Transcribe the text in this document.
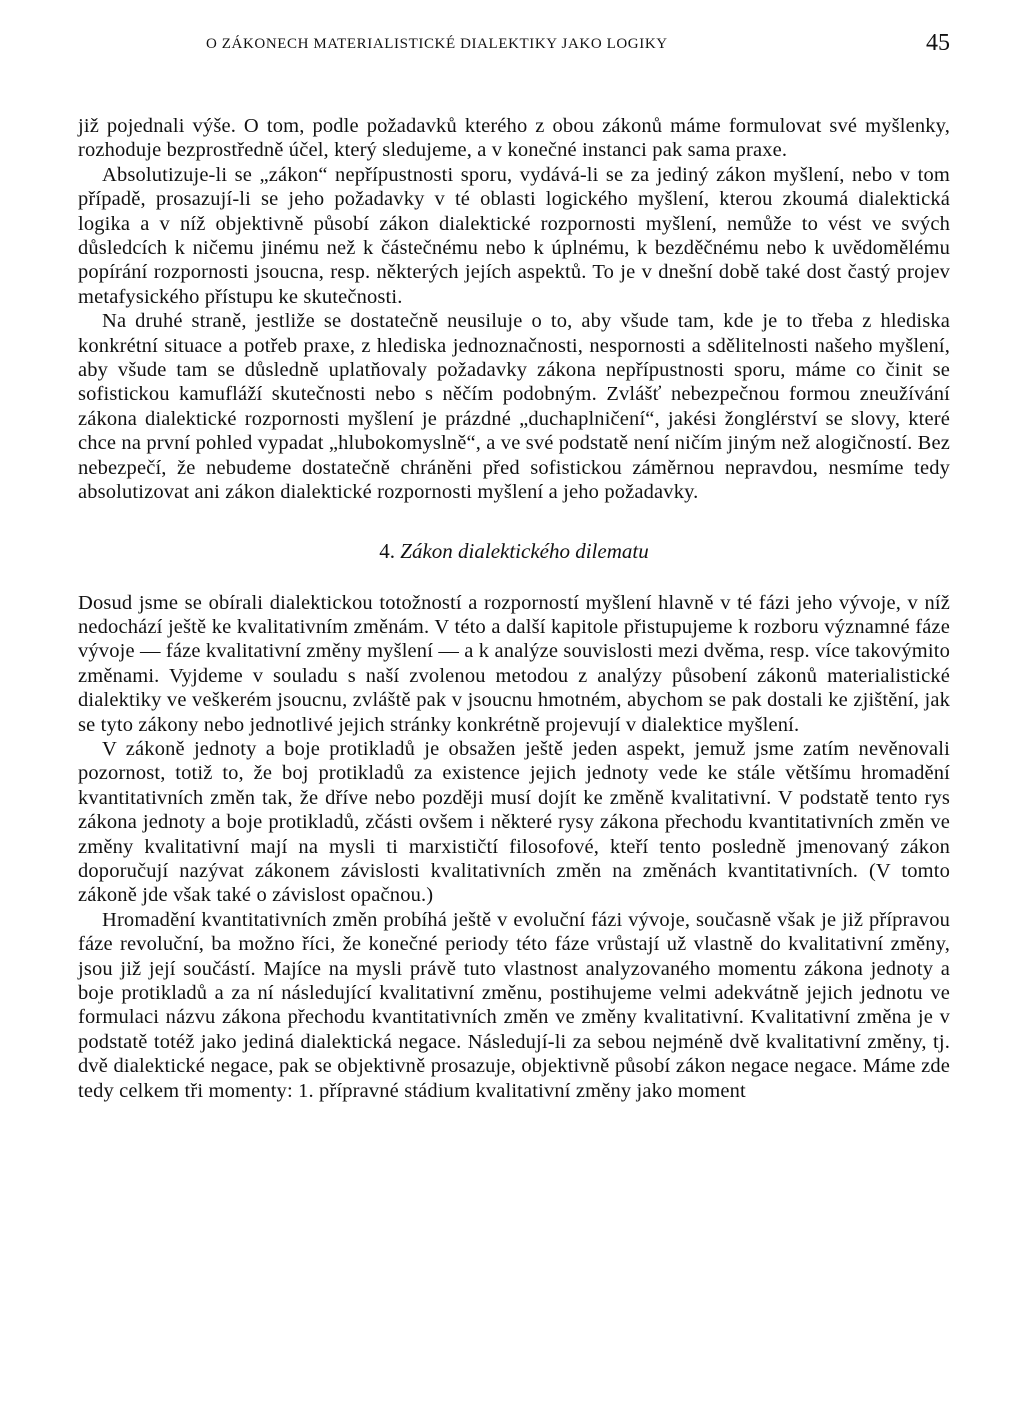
O ZÁKONECH MATERIALISTICKÉ DIALEKTIKY JAKO LOGIKY	45

již pojednali výše. O tom, podle požadavků kterého z obou zákonů máme formulovat své myšlenky, rozhoduje bezprostředně účel, který sledujeme, a v konečné instanci pak sama praxe.

Absolutizuje-li se „zákon“ nepřípustnosti sporu, vydává-li se za jediný zákon myšlení, nebo v tom případě, prosazují-li se jeho požadavky v té oblasti logického myšlení, kterou zkoumá dialektická logika a v níž objektivně působí zákon dialektické rozpornosti myšlení, nemůže to vést ve svých důsledcích k ničemu jinému než k částečnému nebo k úplnému, k bezděčnému nebo k uvědomělému popírání rozpornosti jsoucna, resp. některých jejích aspektů. To je v dnešní době také dost častý projev metafysického přístupu ke skutečnosti.

Na druhé straně, jestliže se dostatečně neusiluje o to, aby všude tam, kde je to třeba z hlediska konkrétní situace a potřeb praxe, z hlediska jednoznačnosti, nespornosti a sdělitelnosti našeho myšlení, aby všude tam se důsledně uplatňovaly požadavky zákona nepřípustnosti sporu, máme co činit se sofistickou kamufláží skutečnosti nebo s něčím podobným. Zvlášť nebezpečnou formou zneužívání zákona dialektické rozpornosti myšlení je prázdné „duchaplničení“, jakési žonglérství se slovy, které chce na první pohled vypadat „hlubokomyslně“, a ve své podstatě není ničím jiným než alogičností. Bez nebezpečí, že nebudeme dostatečně chráněni před sofistickou záměrnou nepravdou, nesmíme tedy absolutizovat ani zákon dialektické rozpornosti myšlení a jeho požadavky.

4. Zákon dialektického dilematu

Dosud jsme se obírali dialektickou totožností a rozporností myšlení hlavně v té fázi jeho vývoje, v níž nedochází ještě ke kvalitativním změnám. V této a další kapitole přistupujeme k rozboru významné fáze vývoje — fáze kvalitativní změny myšlení — a k analýze souvislosti mezi dvěma, resp. více takovýmito změnami. Vyjdeme v souladu s naší zvolenou metodou z analýzy působení zákonů materialistické dialektiky ve veškerém jsoucnu, zvláště pak v jsoucnu hmotném, abychom se pak dostali ke zjištění, jak se tyto zákony nebo jednotlivé jejich stránky konkrétně projevují v dialektice myšlení.

V zákoně jednoty a boje protikladů je obsažen ještě jeden aspekt, jemuž jsme zatím nevěnovali pozornost, totiž to, že boj protikladů za existence jejich jednoty vede ke stále většímu hromadění kvantitativních změn tak, že dříve nebo později musí dojít ke změně kvalitativní. V podstatě tento rys zákona jednoty a boje protikladů, zčásti ovšem i některé rysy zákona přechodu kvantitativních změn ve změny kvalitativní mají na mysli ti marxističtí filosofové, kteří tento posledně jmenovaný zákon doporučují nazývat zákonem závislosti kvalitativních změn na změnách kvantitativních. (V tomto zákoně jde však také o závislost opačnou.)

Hromadění kvantitativních změn probíhá ještě v evoluční fázi vývoje, současně však je již přípravou fáze revoluční, ba možno říci, že konečné periody této fáze vrůstají už vlastně do kvalitativní změny, jsou již její součástí. Majíce na mysli právě tuto vlastnost analyzovaného momentu zákona jednoty a boje protikladů a za ní následující kvalitativní změnu, postihujeme velmi adekvátně jejich jednotu ve formulaci názvu zákona přechodu kvantitativních změn ve změny kvalitativní. Kvalitativní změna je v podstatě totéž jako jediná dialektická negace. Následují-li za sebou nejméně dvě kvalitativní změny, tj. dvě dialektické negace, pak se objektivně prosazuje, objektivně působí zákon negace negace. Máme zde tedy celkem tři momenty: 1. přípravné stádium kvalitativní změny jako moment
